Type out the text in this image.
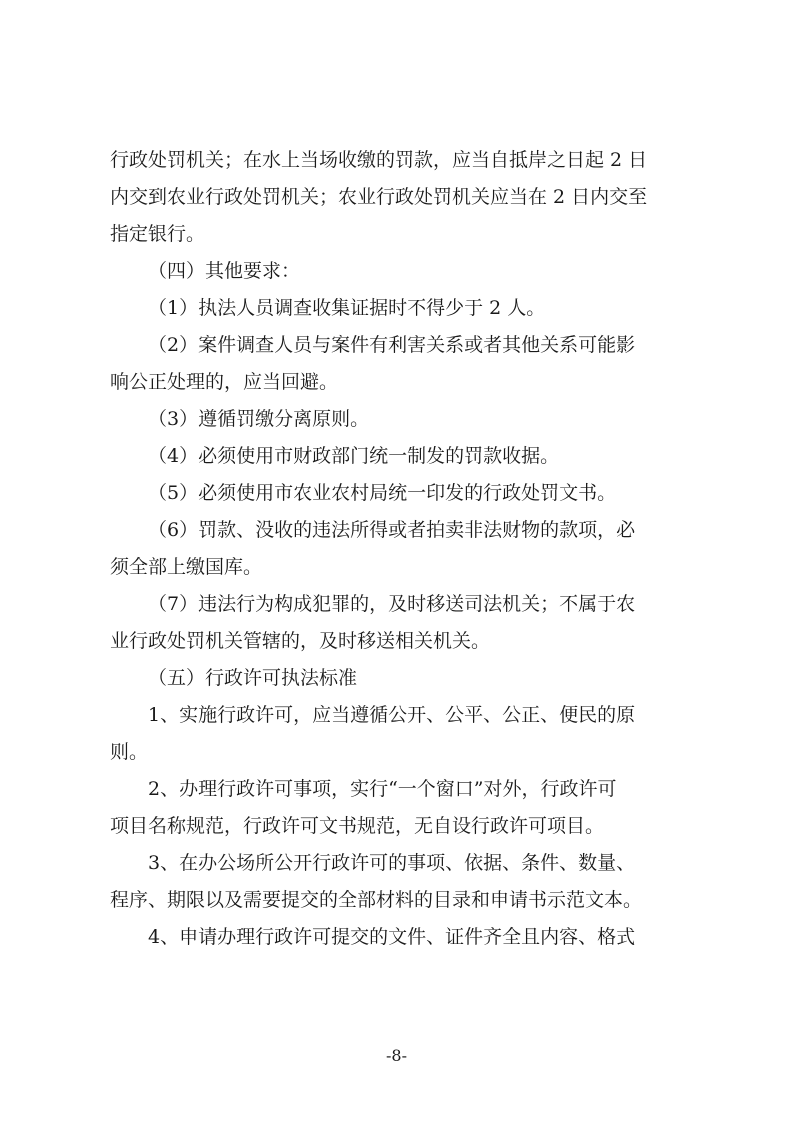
行政处罚机关；在水上当场收缴的罚款，应当自抵岸之日起 2 日
内交到农业行政处罚机关；农业行政处罚机关应当在 2 日内交至
指定银行。
（四）其他要求：
（1）执法人员调查收集证据时不得少于 2 人。
（2）案件调查人员与案件有利害关系或者其他关系可能影
响公正处理的，应当回避。
（3）遵循罚缴分离原则。
（4）必须使用市财政部门统一制发的罚款收据。
（5）必须使用市农业农村局统一印发的行政处罚文书。
（6）罚款、没收的违法所得或者拍卖非法财物的款项，必
须全部上缴国库。
（7）违法行为构成犯罪的，及时移送司法机关；不属于农
业行政处罚机关管辖的，及时移送相关机关。
（五）行政许可执法标准
1、实施行政许可，应当遵循公开、公平、公正、便民的原
则。
2、办理行政许可事项，实行“一个窗口”对外，行政许可
项目名称规范，行政许可文书规范，无自设行政许可项目。
3、在办公场所公开行政许可的事项、依据、条件、数量、
程序、期限以及需要提交的全部材料的目录和申请书示范文本。
4、申请办理行政许可提交的文件、证件齐全且内容、格式
-8-
